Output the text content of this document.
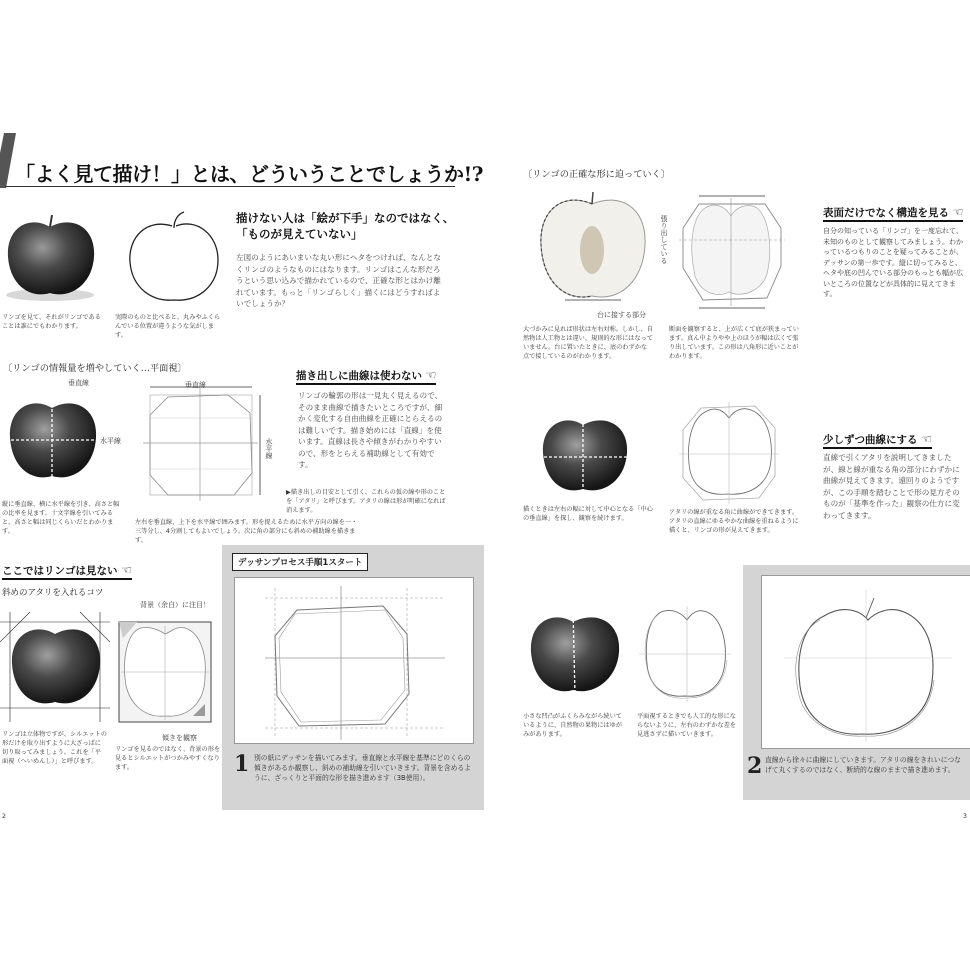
「よく見て描け！」とは、どういうことでしょうか!?
リンゴを見て、それがリンゴであることは誰にでもわかります。
実際のものと比べると、丸みやふくらんでいる位置が違うような気がします。
描けない人は「絵が下手」なのではなく、
「ものが見えていない」
左図のようにあいまいな丸い形にヘタをつければ、なんとなくリンゴのようなものにはなります。リンゴはこんな形だろうという思い込みで描かれているので、正確な形とはかけ離れています。もっと「リンゴらしく」描くにはどうすればよいでしょうか？
〔リンゴの情報量を増やしていく…平面視〕
垂直線
水平線
縦に垂直線、横に水平線を引き、高さと幅の比率を見ます。十文字線を引いてみると、高さと幅は同じくらいだとわかります。
垂直線
水平線
左右を垂直線、上下を水平線で囲みます。形を捉えるために水平方向の線を一・三等分し、4分割してもよいでしょう。次に角の部分にも斜めの補助線を描きます。
▶描き出しの目安として引く、これらの仮の線や形のことを「アタリ」と呼びます。アタリの線は形が明確になれば消えます。
描き出しに曲線は使わない ☜
リンゴの輪郭の形は一見丸く見えるので、そのまま曲線で描きたいところですが、細かく変化する自由曲線を正確にとらえるのは難しいです。描き始めには「直線」を使います。直線は長さや傾きがわかりやすいので、形をとらえる補助線として有効です。
ここではリンゴは見ない ☜
斜めのアタリを入れるコツ
リンゴは立体物ですが、シルエットの形だけを取り出すように大ざっぱに切り取ってみましょう。これを「平面視（へいめんし）」と呼びます。
背景（余白）に注目！
傾きを観察
リンゴを見るのではなく、背景の形を見るとシルエットがつかみやすくなります。
デッサンプロセス手順1スタート
1 別の紙にデッサンを描いてみます。垂直線と水平線を基準にどのくらの傾きがあるか観察し、斜めの補助線を引いていきます。背景を含めるように、ざっくりと平面的な形を描き進めます（3B使用）。
2
〔リンゴの正確な形に迫っていく〕
台に接する部分
大づかみに見れば形状は左右対称。しかし、自然物は人工物とは違い、規則的な形にはなっていません。台に置いたときに、底のわずかな点で接しているのがわかります。
張り出している
断面を観察すると、上が広くて底が狭まっています。真ん中よりやや上のほうが幅は広くて張り出しています。この形は八角形に近いことがわかります。
表面だけでなく構造を見る ☜
自分の知っている「リンゴ」を一度忘れて、未知のものとして観察してみましょう。わかっているつもりのことを疑ってみることが、デッサンの第一歩です。縦に切ってみると、ヘタや底の凹んでいる部分のもっとも幅が広いところの位置などが具体的に見えてきます。
描くときは左右の幅に対して中心となる「中心の垂直線」を探し、観察を続けます。
アタリの線が重なる角に曲線ができてきます。アタリの直線にゆるやかな曲線を重ねるように描くと、リンゴの形が見えてきます。
少しずつ曲線にする ☜
直線で引くアタリを説明してきましたが、線と線が重なる角の部分にわずかに曲線が見えてきます。遠回りのようですが、この手順を踏むことで形の見方そのものが「基準を作った」観察の仕方に変わってきます。
小さな凹凸がふくらみながら続いているように、自然物の果物にはゆがみがあります。
平面視するときでも人工的な形にならないように、左右のわずかな差を見逃さずに描いていきます。
2 直線から徐々に曲線にしていきます。アタリの線をきれいにつなげて丸くするのではなく、断続的な線のままで描き進めます。
3
